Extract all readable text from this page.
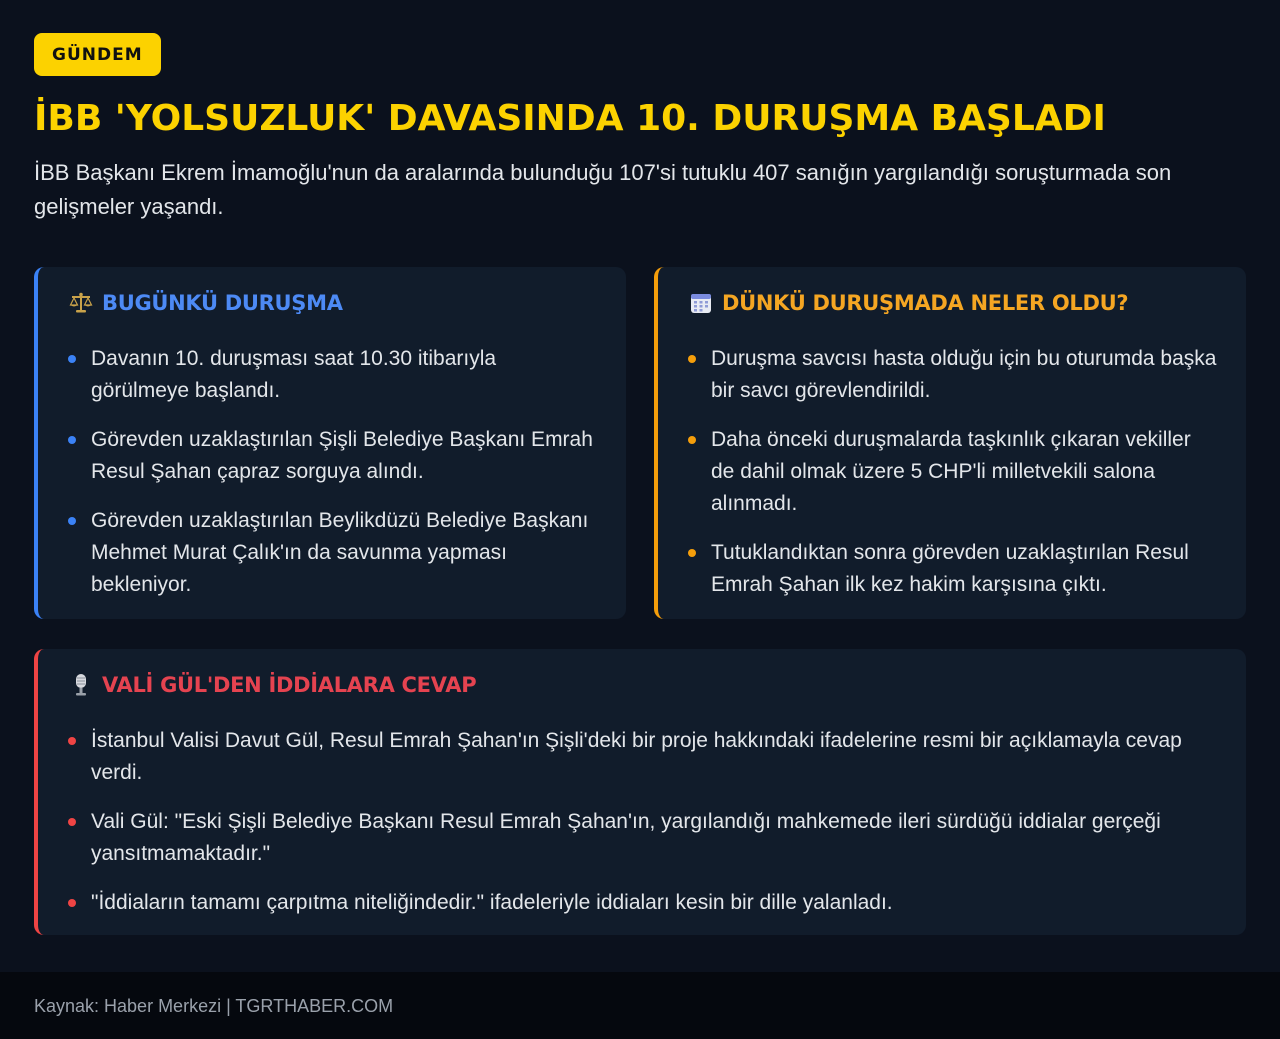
GÜNDEM
İBB 'YOLSUZLUK' DAVASINDA 10. DURUŞMA BAŞLADI

İBB Başkanı Ekrem İmamoğlu'nun da aralarında bulunduğu 107'si tutuklu 407 sanığın yargılandığı soruşturmada son gelişmeler yaşandı.

BUGÜNKÜ DURUŞMA
Davanın 10. duruşması saat 10.30 itibarıyla görülmeye başlandı.
Görevden uzaklaştırılan Şişli Belediye Başkanı Emrah Resul Şahan çapraz sorguya alındı.
Görevden uzaklaştırılan Beylikdüzü Belediye Başkanı Mehmet Murat Çalık'ın da savunma yapması bekleniyor.
DÜNKÜ DURUŞMADA NELER OLDU?
Duruşma savcısı hasta olduğu için bu oturumda başka bir savcı görevlendirildi.
Daha önceki duruşmalarda taşkınlık çıkaran vekiller de dahil olmak üzere 5 CHP'li milletvekili salona alınmadı.
Tutuklandıktan sonra görevden uzaklaştırılan Resul Emrah Şahan ilk kez hakim karşısına çıktı.
VALİ GÜL'DEN İDDİALARA CEVAP
İstanbul Valisi Davut Gül, Resul Emrah Şahan'ın Şişli'deki bir proje hakkındaki ifadelerine resmi bir açıklamayla cevap verdi.
Vali Gül: "Eski Şişli Belediye Başkanı Resul Emrah Şahan'ın, yargılandığı mahkemede ileri sürdüğü iddialar gerçeği yansıtmamaktadır."
"İddiaların tamamı çarpıtma niteliğindedir." ifadeleriyle iddiaları kesin bir dille yalanladı.
Kaynak: Haber Merkezi | TGRTHABER.COM
